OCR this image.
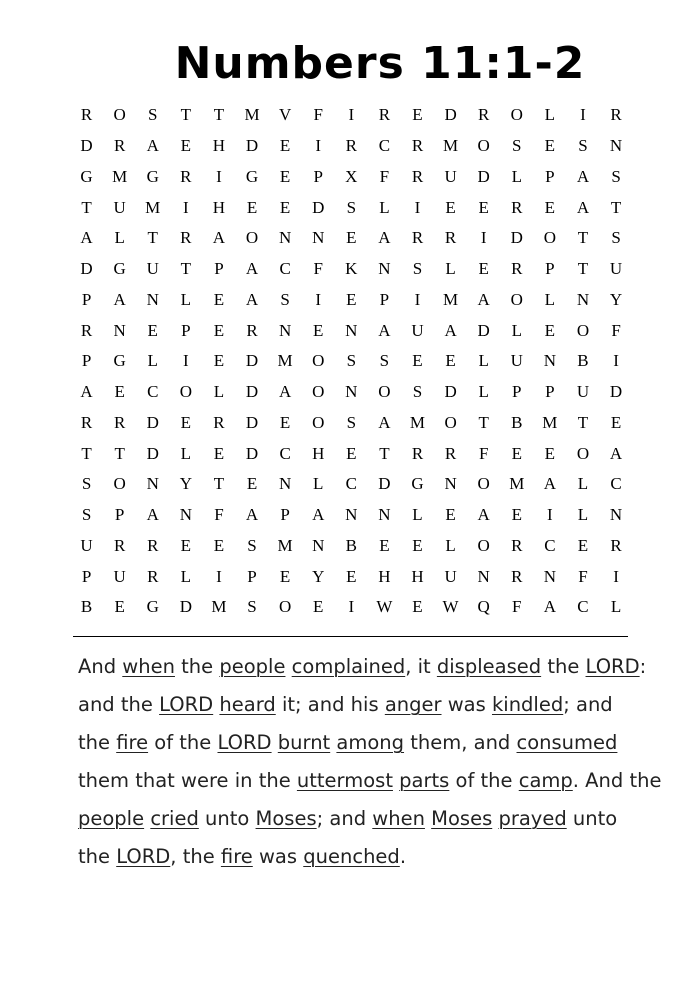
Numbers 11:1-2
R	O	S	T	T	M	V	F	I	R	E	D	R	O	L	I	R
D	R	A	E	H	D	E	I	R	C	R	M	O	S	E	S	N
G	M	G	R	I	G	E	P	X	F	R	U	D	L	P	A	S
T	U	M	I	H	E	E	D	S	L	I	E	E	R	E	A	T
A	L	T	R	A	O	N	N	E	A	R	R	I	D	O	T	S
D	G	U	T	P	A	C	F	K	N	S	L	E	R	P	T	U
P	A	N	L	E	A	S	I	E	P	I	M	A	O	L	N	Y
R	N	E	P	E	R	N	E	N	A	U	A	D	L	E	O	F
P	G	L	I	E	D	M	O	S	S	E	E	L	U	N	B	I
A	E	C	O	L	D	A	O	N	O	S	D	L	P	P	U	D
R	R	D	E	R	D	E	O	S	A	M	O	T	B	M	T	E
T	T	D	L	E	D	C	H	E	T	R	R	F	E	E	O	A
S	O	N	Y	T	E	N	L	C	D	G	N	O	M	A	L	C
S	P	A	N	F	A	P	A	N	N	L	E	A	E	I	L	N
U	R	R	E	E	S	M	N	B	E	E	L	O	R	C	E	R
P	U	R	L	I	P	E	Y	E	H	H	U	N	R	N	F	I
B	E	G	D	M	S	O	E	I	W	E	W	Q	F	A	C	L
And when the people complained, it displeased the LORD:
and the LORD heard it; and his anger was kindled; and
the fire of the LORD burnt among them, and consumed
them that were in the uttermost parts of the camp. And the
people cried unto Moses; and when Moses prayed unto
the LORD, the fire was quenched.
